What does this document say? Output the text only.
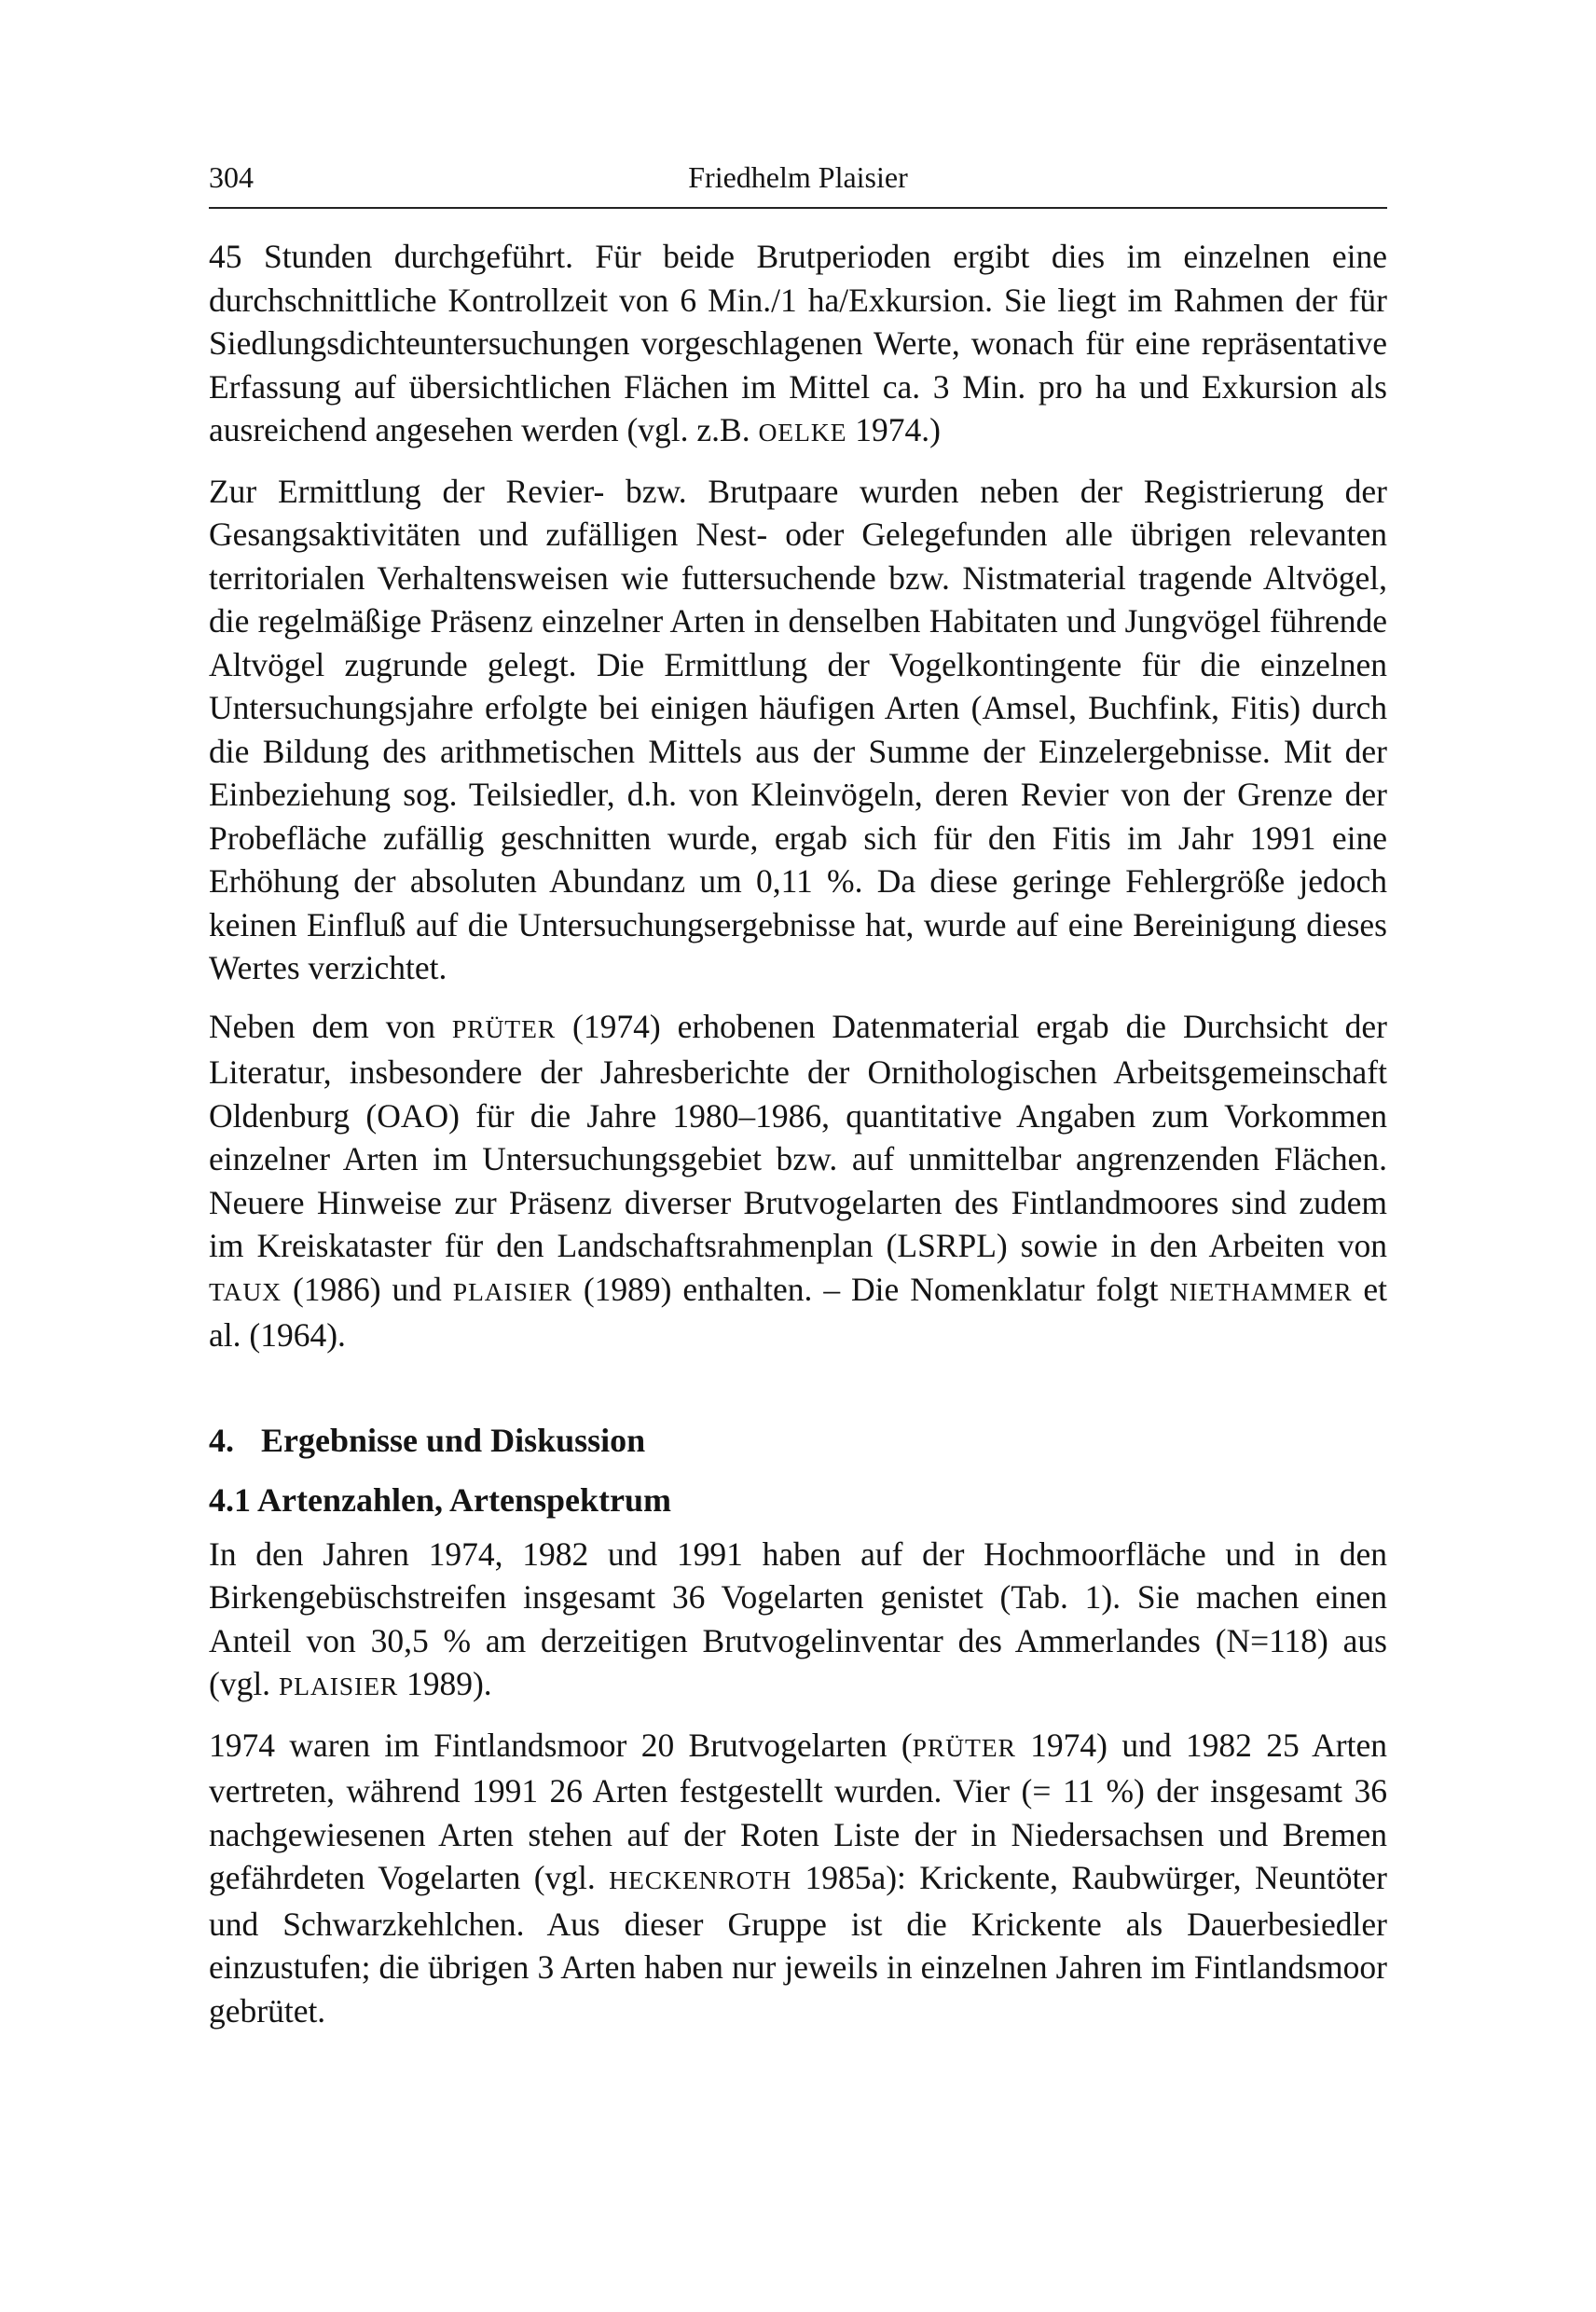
304	Friedhelm Plaisier

45 Stunden durchgeführt. Für beide Brutperioden ergibt dies im einzelnen eine durchschnittliche Kontrollzeit von 6 Min./1 ha/Exkursion. Sie liegt im Rahmen der für Siedlungsdichteuntersuchungen vorgeschlagenen Werte, wonach für eine repräsentative Erfassung auf übersichtlichen Flächen im Mittel ca. 3 Min. pro ha und Exkursion als ausreichend angesehen werden (vgl. z.B. OELKE 1974.)

Zur Ermittlung der Revier- bzw. Brutpaare wurden neben der Registrierung der Gesangsaktivitäten und zufälligen Nest- oder Gelegefunden alle übrigen relevanten territorialen Verhaltensweisen wie futtersuchende bzw. Nistmaterial tragende Altvögel, die regelmäßige Präsenz einzelner Arten in denselben Habitaten und Jungvögel führende Altvögel zugrunde gelegt. Die Ermittlung der Vogelkontingente für die einzelnen Untersuchungsjahre erfolgte bei einigen häufigen Arten (Amsel, Buchfink, Fitis) durch die Bildung des arithmetischen Mittels aus der Summe der Einzelergebnisse. Mit der Einbeziehung sog. Teilsiedler, d.h. von Kleinvögeln, deren Revier von der Grenze der Probefläche zufällig geschnitten wurde, ergab sich für den Fitis im Jahr 1991 eine Erhöhung der absoluten Abundanz um 0,11 %. Da diese geringe Fehlergröße jedoch keinen Einfluß auf die Untersuchungsergebnisse hat, wurde auf eine Bereinigung dieses Wertes verzichtet.

Neben dem von PRÜTER (1974) erhobenen Datenmaterial ergab die Durchsicht der Literatur, insbesondere der Jahresberichte der Ornithologischen Arbeitsgemeinschaft Oldenburg (OAO) für die Jahre 1980–1986, quantitative Angaben zum Vorkommen einzelner Arten im Untersuchungsgebiet bzw. auf unmittelbar angrenzenden Flächen. Neuere Hinweise zur Präsenz diverser Brutvogelarten des Fintlandmoores sind zudem im Kreiskataster für den Landschaftsrahmenplan (LSRPL) sowie in den Arbeiten von TAUX (1986) und PLAISIER (1989) enthalten. – Die Nomenklatur folgt NIETHAMMER et al. (1964).

4. Ergebnisse und Diskussion
4.1 Artenzahlen, Artenspektrum

In den Jahren 1974, 1982 und 1991 haben auf der Hochmoorfläche und in den Birkengebüschstreifen insgesamt 36 Vogelarten genistet (Tab. 1). Sie machen einen Anteil von 30,5 % am derzeitigen Brutvogelinventar des Ammerlandes (N=118) aus (vgl. PLAISIER 1989).

1974 waren im Fintlandsmoor 20 Brutvogelarten (PRÜTER 1974) und 1982 25 Arten vertreten, während 1991 26 Arten festgestellt wurden. Vier (= 11 %) der insgesamt 36 nachgewiesenen Arten stehen auf der Roten Liste der in Niedersachsen und Bremen gefährdeten Vogelarten (vgl. HECKENROTH 1985a): Krickente, Raubwürger, Neuntöter und Schwarzkehlchen. Aus dieser Gruppe ist die Krickente als Dauerbesiedler einzustufen; die übrigen 3 Arten haben nur jeweils in einzelnen Jahren im Fintlandsmoor gebrütet.
